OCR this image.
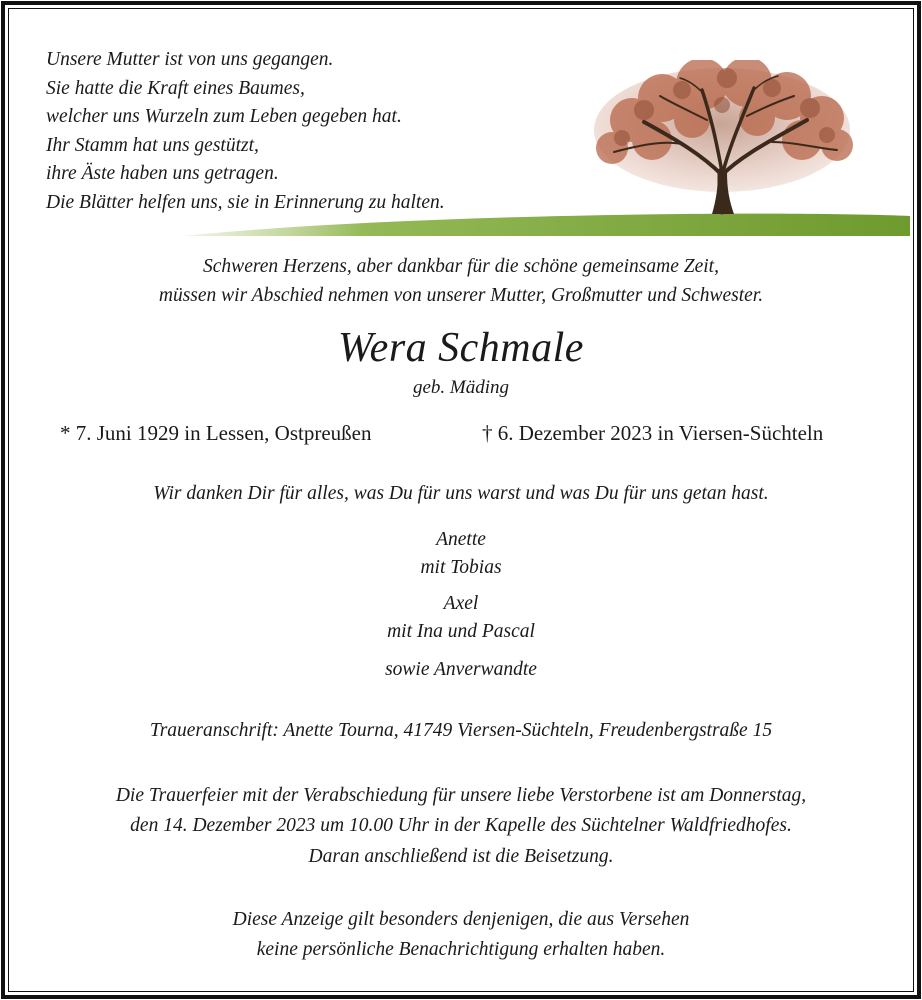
Unsere Mutter ist von uns gegangen.
Sie hatte die Kraft eines Baumes,
welcher uns Wurzeln zum Leben gegeben hat.
Ihr Stamm hat uns gestützt,
ihre Äste haben uns getragen.
Die Blätter helfen uns, sie in Erinnerung zu halten.
Schweren Herzens, aber dankbar für die schöne gemeinsame Zeit,
müssen wir Abschied nehmen von unserer Mutter, Großmutter und Schwester.
Wera Schmale
geb. Mäding
* 7. Juni 1929 in Lessen, Ostpreußen	† 6. Dezember 2023 in Viersen-Süchteln
Wir danken Dir für alles, was Du für uns warst und was Du für uns getan hast.
Anette
mit Tobias
Axel
mit Ina und Pascal
sowie Anverwandte
Traueranschrift: Anette Tourna, 41749 Viersen-Süchteln, Freudenbergstraße 15
Die Trauerfeier mit der Verabschiedung für unsere liebe Verstorbene ist am Donnerstag,
den 14. Dezember 2023 um 10.00 Uhr in der Kapelle des Süchtelner Waldfriedhofes.
Daran anschließend ist die Beisetzung.
Diese Anzeige gilt besonders denjenigen, die aus Versehen
keine persönliche Benachrichtigung erhalten haben.
